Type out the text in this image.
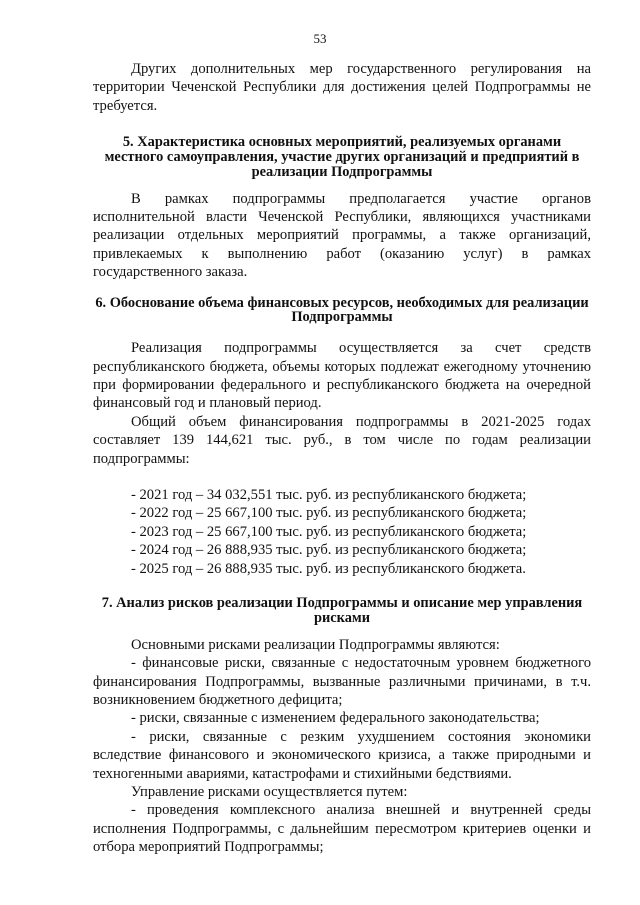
53

Других дополнительных мер государственного регулирования на территории Чеченской Республики для достижения целей Подпрограммы не требуется.

5. Характеристика основных мероприятий, реализуемых органами местного самоуправления, участие других организаций и предприятий в реализации Подпрограммы

В рамках подпрограммы предполагается участие органов исполнительной власти Чеченской Республики, являющихся участниками реализации отдельных мероприятий программы, а также организаций, привлекаемых к выполнению работ (оказанию услуг) в рамках государственного заказа.

6. Обоснование объема финансовых ресурсов, необходимых для реализации Подпрограммы

Реализация подпрограммы осуществляется за счет средств республиканского бюджета, объемы которых подлежат ежегодному уточнению при формировании федерального и республиканского бюджета на очередной финансовый год и плановый период.

Общий объем финансирования подпрограммы в 2021-2025 годах составляет 139 144,621 тыс. руб., в том числе по годам реализации подпрограммы:

- 2021 год – 34 032,551 тыс. руб. из республиканского бюджета;
- 2022 год – 25 667,100 тыс. руб. из республиканского бюджета;
- 2023 год – 25 667,100 тыс. руб. из республиканского бюджета;
- 2024 год – 26 888,935 тыс. руб. из республиканского бюджета;
- 2025 год – 26 888,935 тыс. руб. из республиканского бюджета.
7. Анализ рисков реализации Подпрограммы и описание мер управления рисками

Основными рисками реализации Подпрограммы являются:

- финансовые риски, связанные с недостаточным уровнем бюджетного финансирования Подпрограммы, вызванные различными причинами, в т.ч. возникновением бюджетного дефицита;

- риски, связанные с изменением федерального законодательства;

- риски, связанные с резким ухудшением состояния экономики вследствие финансового и экономического кризиса, а также природными и техногенными авариями, катастрофами и стихийными бедствиями.

Управление рисками осуществляется путем:

- проведения комплексного анализа внешней и внутренней среды исполнения Подпрограммы, с дальнейшим пересмотром критериев оценки и отбора мероприятий Подпрограммы;
